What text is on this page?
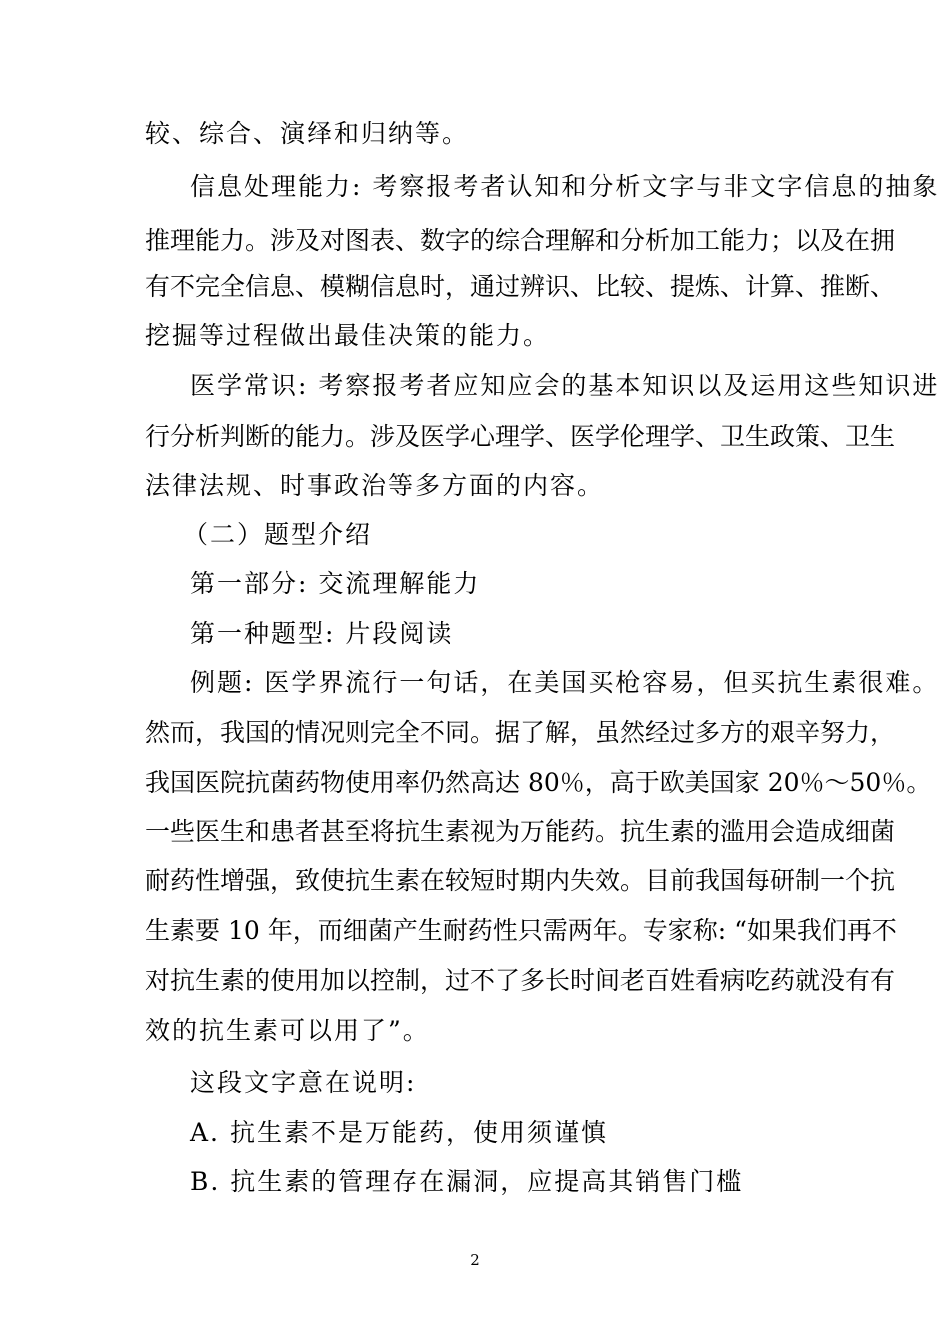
较、综合、演绎和归纳等。
信息处理能力: 考察报考者认知和分析文字与非文字信息的抽象
推理能力。涉及对图表、数字的综合理解和分析加工能力；以及在拥
有不完全信息、模糊信息时，通过辨识、比较、提炼、计算、推断、
挖掘等过程做出最佳决策的能力。
医学常识: 考察报考者应知应会的基本知识以及运用这些知识进
行分析判断的能力。涉及医学心理学、医学伦理学、卫生政策、卫生
法律法规、时事政治等多方面的内容。
（二）题型介绍
第一部分: 交流理解能力
第一种题型: 片段阅读
例题: 医学界流行一句话，在美国买枪容易，但买抗生素很难。
然而，我国的情况则完全不同。据了解，虽然经过多方的艰辛努力，
我国医院抗菌药物使用率仍然高达 80％，高于欧美国家 20％～50％。
一些医生和患者甚至将抗生素视为万能药。抗生素的滥用会造成细菌
耐药性增强，致使抗生素在较短时期内失效。目前我国每研制一个抗
生素要 10 年，而细菌产生耐药性只需两年。专家称: “如果我们再不
对抗生素的使用加以控制，过不了多长时间老百姓看病吃药就没有有
效的抗生素可以用了”。
这段文字意在说明:
A. 抗生素不是万能药，使用须谨慎
B. 抗生素的管理存在漏洞，应提高其销售门槛
2
